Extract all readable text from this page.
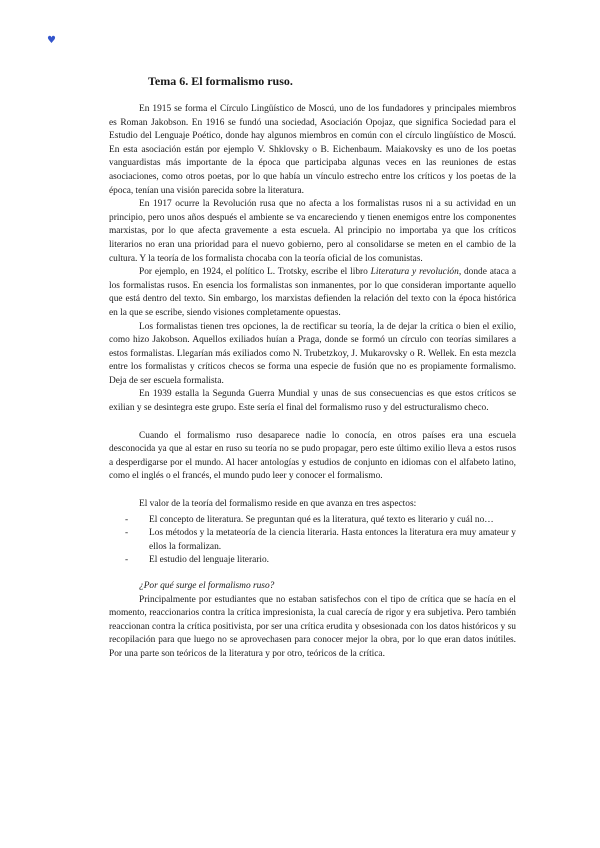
♥
Tema 6. El formalismo ruso.

En 1915 se forma el Círculo Lingüístico de Moscú, uno de los fundadores y principales miembros es Roman Jakobson. En 1916 se fundó una sociedad, Asociación Opojaz, que significa Sociedad para el Estudio del Lenguaje Poético, donde hay algunos miembros en común con el círculo lingüístico de Moscú. En esta asociación están por ejemplo V. Shklovsky o B. Eichenbaum. Maiakovsky es uno de los poetas vanguardistas más importante de la época que participaba algunas veces en las reuniones de estas asociaciones, como otros poetas, por lo que había un vínculo estrecho entre los críticos y los poetas de la época, tenían una visión parecida sobre la literatura.

En 1917 ocurre la Revolución rusa que no afecta a los formalistas rusos ni a su actividad en un principio, pero unos años después el ambiente se va encareciendo y tienen enemigos entre los componentes marxistas, por lo que afecta gravemente a esta escuela. Al principio no importaba ya que los críticos literarios no eran una prioridad para el nuevo gobierno, pero al consolidarse se meten en el cambio de la cultura. Y la teoría de los formalista chocaba con la teoría oficial de los comunistas.

Por ejemplo, en 1924, el político L. Trotsky, escribe el libro Literatura y revolución, donde ataca a los formalistas rusos. En esencia los formalistas son inmanentes, por lo que consideran importante aquello que está dentro del texto. Sin embargo, los marxistas defienden la relación del texto con la época histórica en la que se escribe, siendo visiones completamente opuestas.

Los formalistas tienen tres opciones, la de rectificar su teoría, la de dejar la crítica o bien el exilio, como hizo Jakobson. Aquellos exiliados huían a Praga, donde se formó un círculo con teorías similares a estos formalistas. Llegarían más exiliados como N. Trubetzkoy, J. Mukarovsky o R. Wellek. En esta mezcla entre los formalistas y críticos checos se forma una especie de fusión que no es propiamente formalismo. Deja de ser escuela formalista.

En 1939 estalla la Segunda Guerra Mundial y unas de sus consecuencias es que estos críticos se exilian y se desintegra este grupo. Este sería el final del formalismo ruso y del estructuralismo checo.

Cuando el formalismo ruso desaparece nadie lo conocía, en otros países era una escuela desconocida ya que al estar en ruso su teoría no se pudo propagar, pero este último exilio lleva a estos rusos a desperdigarse por el mundo. Al hacer antologías y estudios de conjunto en idiomas con el alfabeto latino, como el inglés o el francés, el mundo pudo leer y conocer el formalismo.

El valor de la teoría del formalismo reside en que avanza en tres aspectos:

- El concepto de literatura. Se preguntan qué es la literatura, qué texto es literario y cuál no…
- Los métodos y la metateoría de la ciencia literaria. Hasta entonces la literatura era muy amateur y ellos la formalizan.
- El estudio del lenguaje literario.

¿Por qué surge el formalismo ruso?

Principalmente por estudiantes que no estaban satisfechos con el tipo de crítica que se hacía en el momento, reaccionarios contra la crítica impresionista, la cual carecía de rigor y era subjetiva. Pero también reaccionan contra la crítica positivista, por ser una crítica erudita y obsesionada con los datos históricos y su recopilación para que luego no se aprovechasen para conocer mejor la obra, por lo que eran datos inútiles. Por una parte son teóricos de la literatura y por otro, teóricos de la crítica.
